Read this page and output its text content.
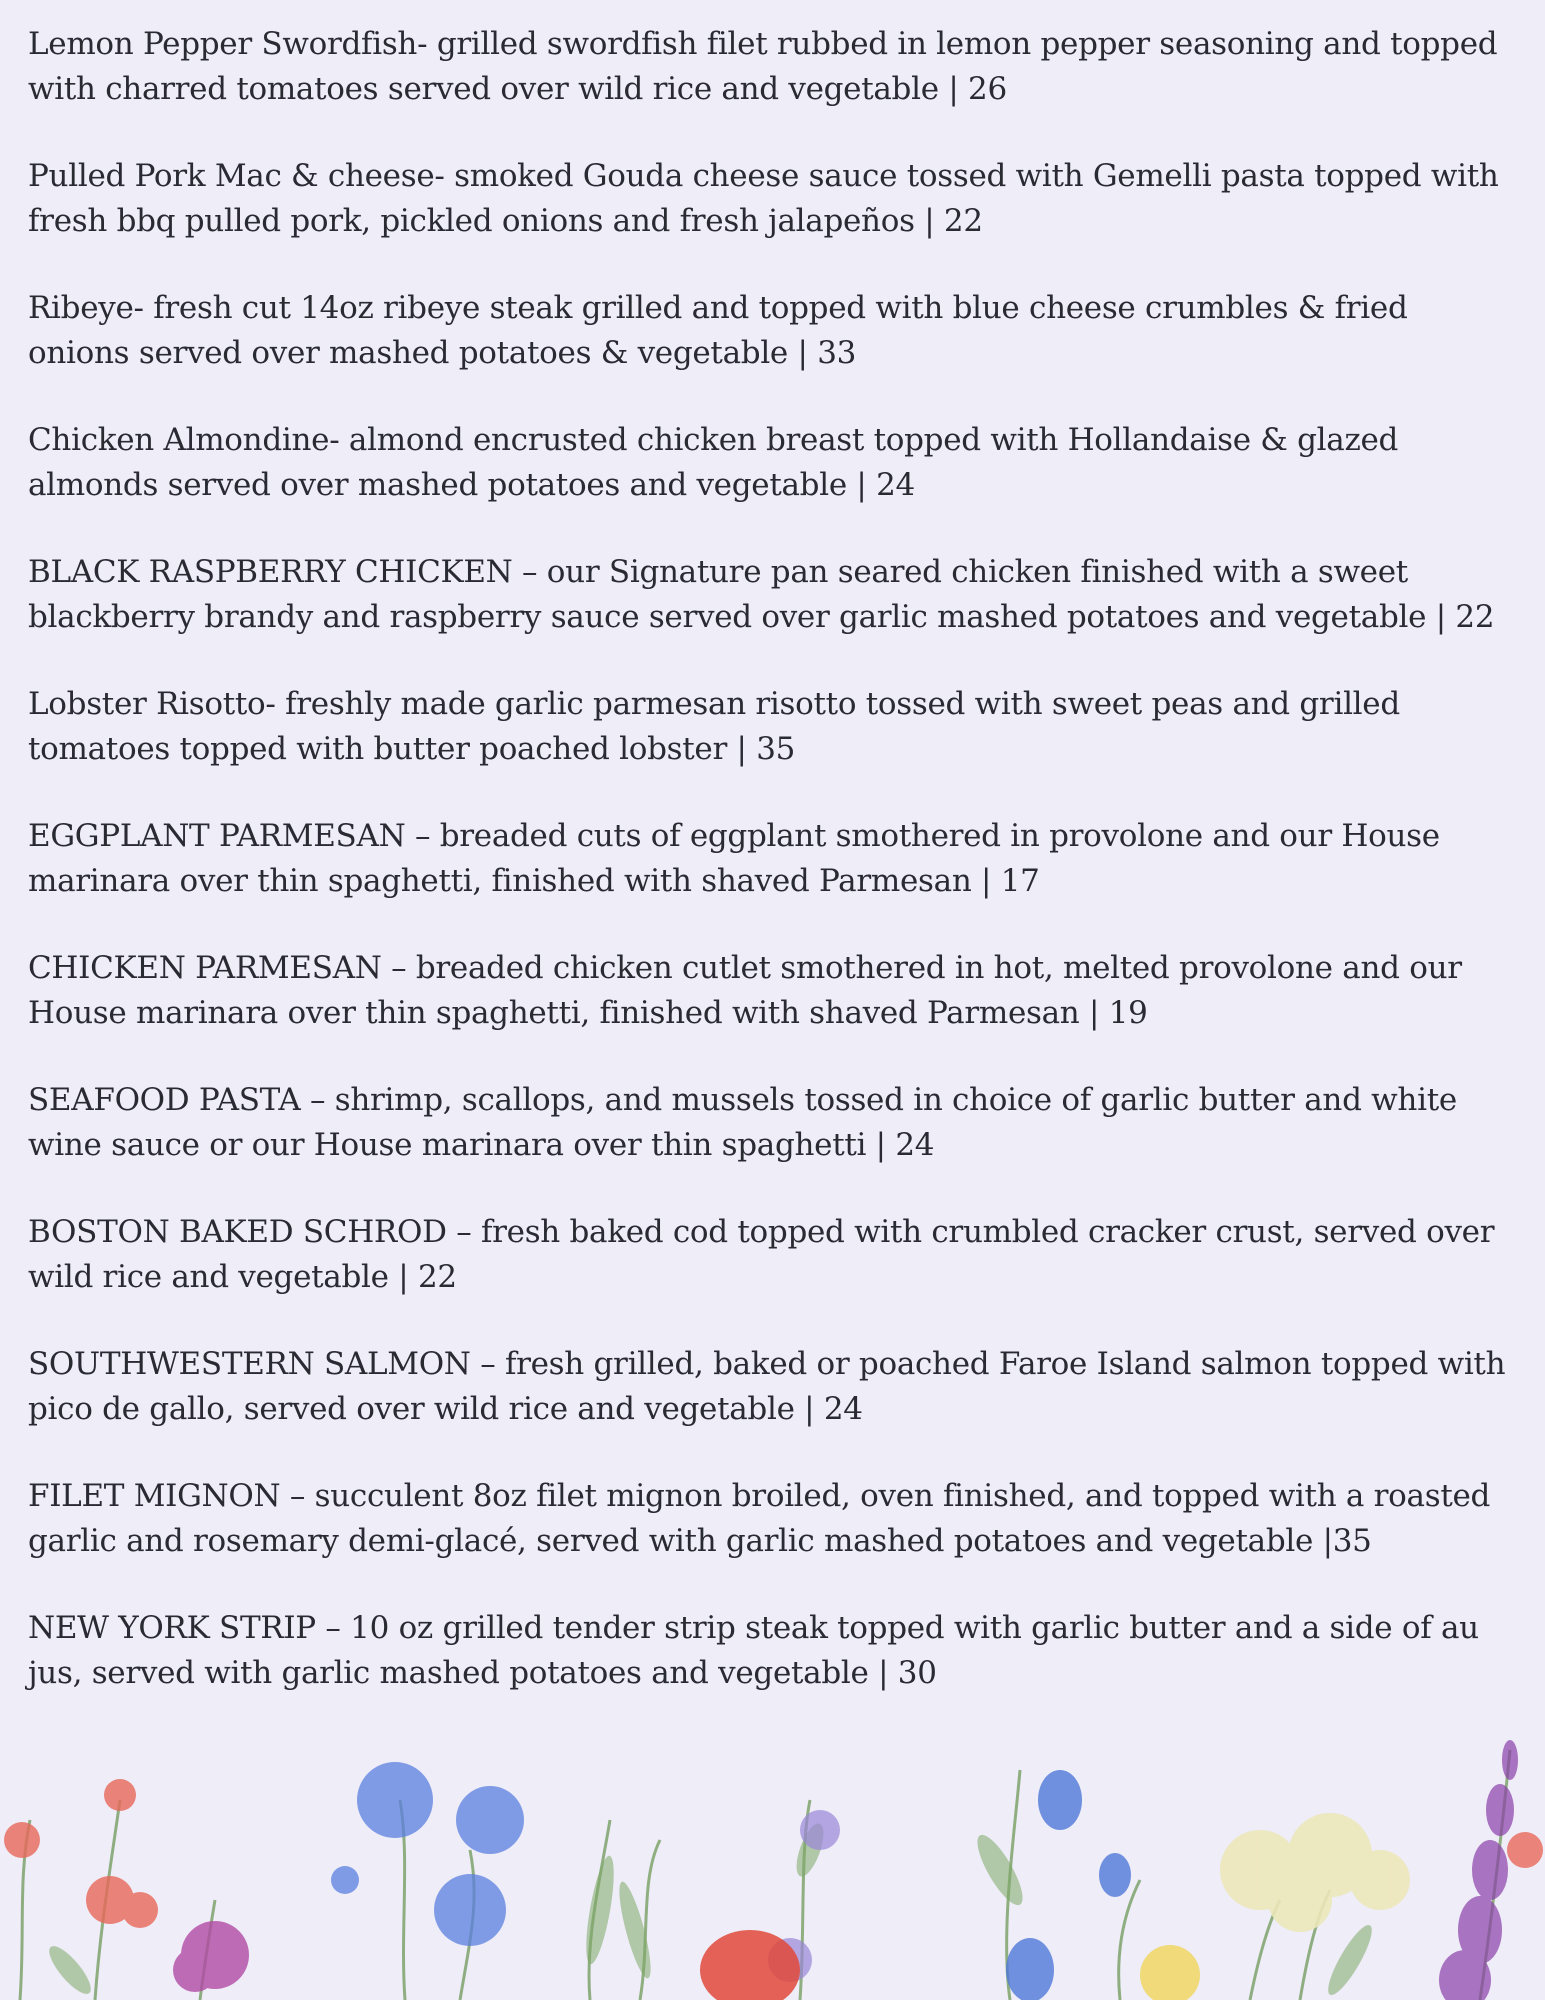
Lemon Pepper Swordfish- grilled swordfish filet rubbed in lemon pepper seasoning and topped with charred tomatoes served over wild rice and vegetable | 26

Pulled Pork Mac & cheese- smoked Gouda cheese sauce tossed with Gemelli pasta topped with fresh bbq pulled pork, pickled onions and fresh jalapeños | 22

Ribeye- fresh cut 14oz ribeye steak grilled and topped with blue cheese crumbles & fried onions served over mashed potatoes & vegetable | 33

Chicken Almondine- almond encrusted chicken breast topped with Hollandaise & glazed almonds served over mashed potatoes and vegetable | 24

BLACK RASPBERRY CHICKEN – our Signature pan seared chicken finished with a sweet blackberry brandy and raspberry sauce served over garlic mashed potatoes and vegetable | 22

Lobster Risotto- freshly made garlic parmesan risotto tossed with sweet peas and grilled tomatoes topped with butter poached lobster | 35

EGGPLANT PARMESAN – breaded cuts of eggplant smothered in provolone and our House marinara over thin spaghetti, finished with shaved Parmesan | 17

CHICKEN PARMESAN – breaded chicken cutlet smothered in hot, melted provolone and our House marinara over thin spaghetti, finished with shaved Parmesan | 19

SEAFOOD PASTA – shrimp, scallops, and mussels tossed in choice of garlic butter and white wine sauce or our House marinara over thin spaghetti | 24

BOSTON BAKED SCHROD – fresh baked cod topped with crumbled cracker crust, served over wild rice and vegetable | 22

SOUTHWESTERN SALMON – fresh grilled, baked or poached Faroe Island salmon topped with pico de gallo, served over wild rice and vegetable | 24

FILET MIGNON – succulent 8oz filet mignon broiled, oven finished, and topped with a roasted garlic and rosemary demi-glacé, served with garlic mashed potatoes and vegetable |35

NEW YORK STRIP – 10 oz grilled tender strip steak topped with garlic butter and a side of au jus, served with garlic mashed potatoes and vegetable | 30
